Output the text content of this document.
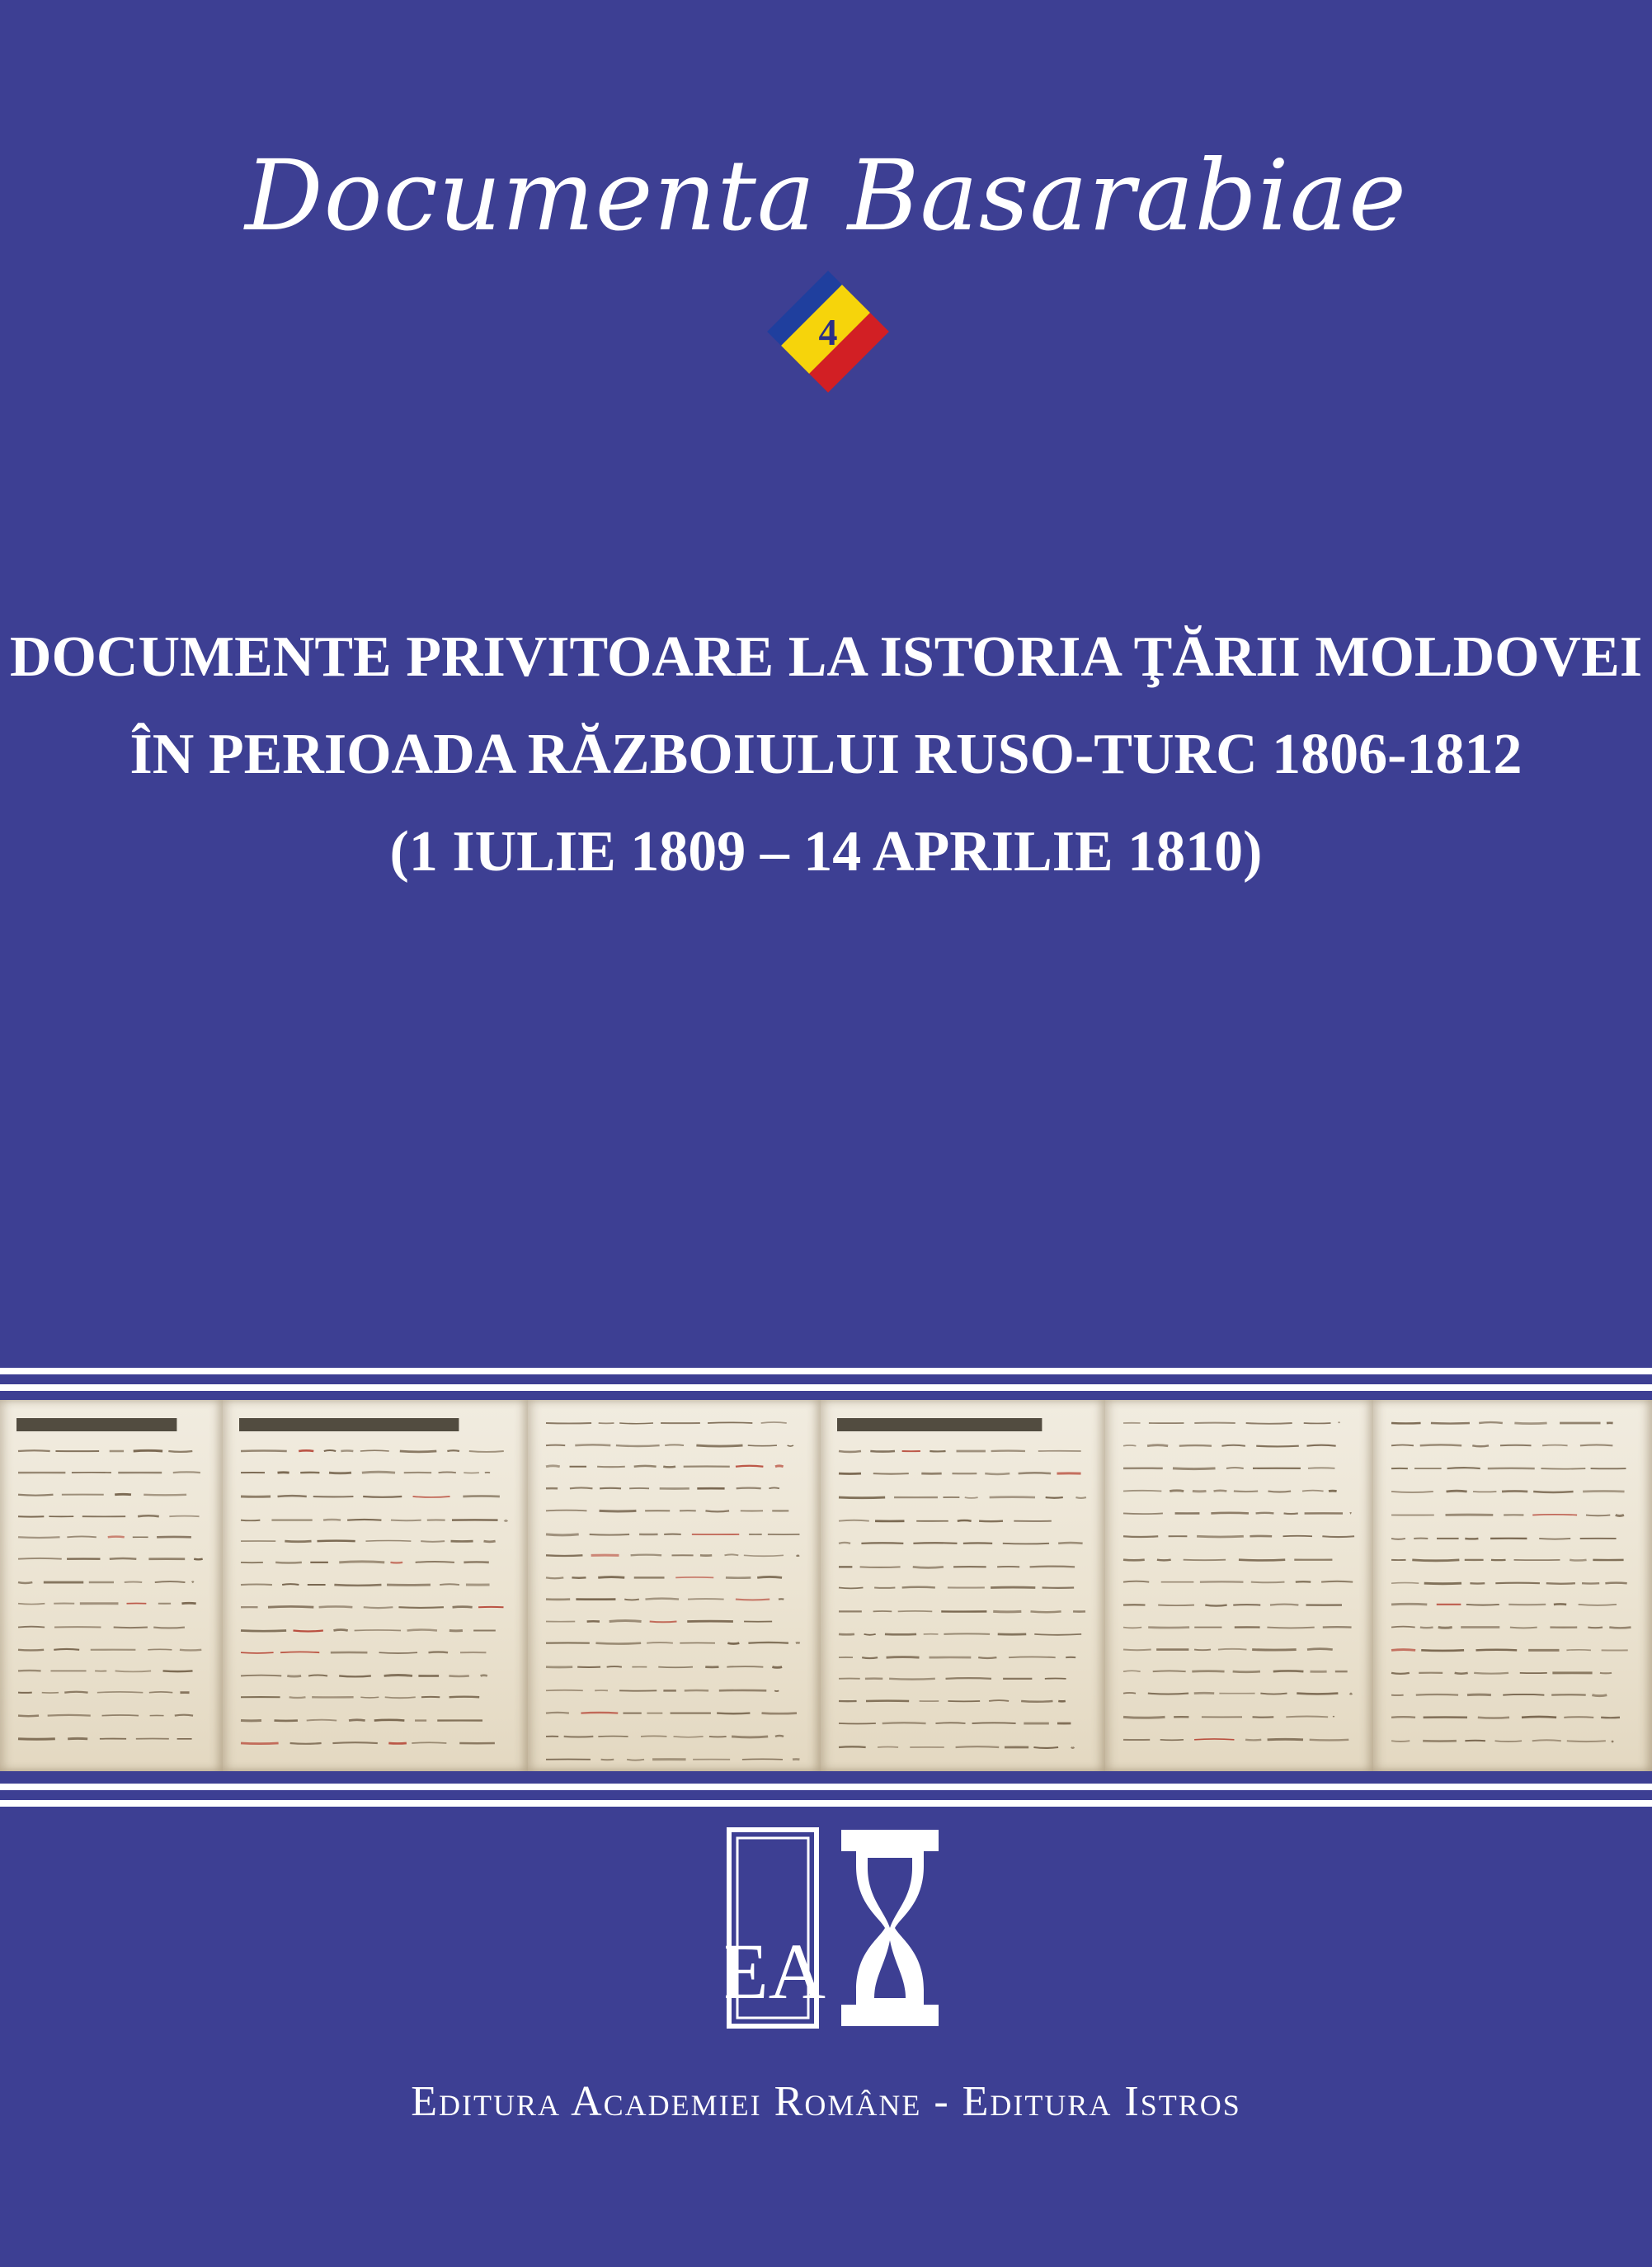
Documenta Basarabiae
4
DOCUMENTE PRIVITOARE LA ISTORIA ŢĂRII MOLDOVEI
ÎN PERIOADA RĂZBOIULUI RUSO-TURC 1806-1812
(1 IULIE 1809 – 14 APRILIE 1810)
EA
Editura Academiei Române - Editura Istros
